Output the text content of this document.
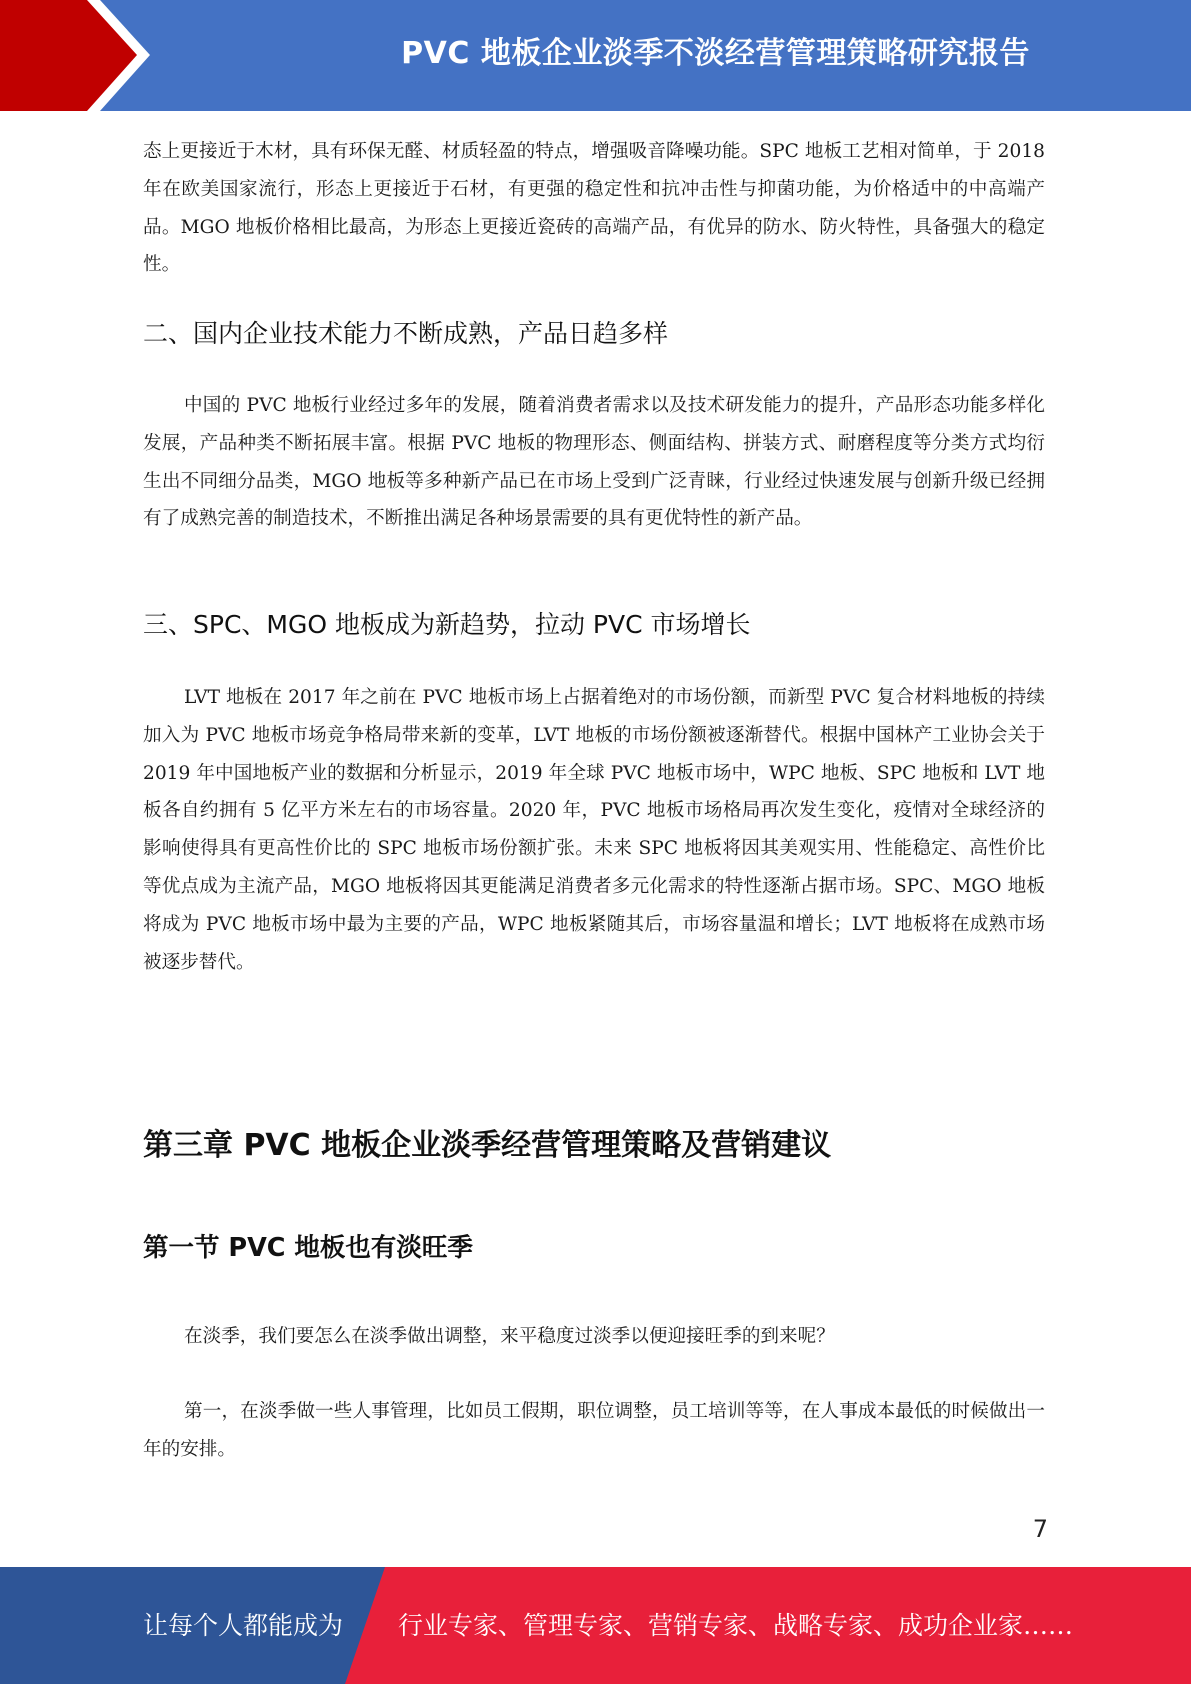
PVC 地板企业淡季不淡经营管理策略研究报告

态上更接近于木材，具有环保无醛、材质轻盈的特点，增强吸音降噪功能。SPC 地板工艺相对简单，于 2018 年在欧美国家流行，形态上更接近于石材，有更强的稳定性和抗冲击性与抑菌功能，为价格适中的中高端产品。MGO 地板价格相比最高，为形态上更接近瓷砖的高端产品，有优异的防水、防火特性，具备强大的稳定性。

二、国内企业技术能力不断成熟，产品日趋多样

中国的 PVC 地板行业经过多年的发展，随着消费者需求以及技术研发能力的提升，产品形态功能多样化发展，产品种类不断拓展丰富。根据 PVC 地板的物理形态、侧面结构、拼装方式、耐磨程度等分类方式均衍生出不同细分品类，MGO 地板等多种新产品已在市场上受到广泛青睐，行业经过快速发展与创新升级已经拥有了成熟完善的制造技术，不断推出满足各种场景需要的具有更优特性的新产品。

三、SPC、MGO 地板成为新趋势，拉动 PVC 市场增长

LVT 地板在 2017 年之前在 PVC 地板市场上占据着绝对的市场份额，而新型 PVC 复合材料地板的持续加入为 PVC 地板市场竞争格局带来新的变革，LVT 地板的市场份额被逐渐替代。根据中国林产工业协会关于 2019 年中国地板产业的数据和分析显示，2019 年全球 PVC 地板市场中，WPC 地板、SPC 地板和 LVT 地板各自约拥有 5 亿平方米左右的市场容量。2020 年，PVC 地板市场格局再次发生变化，疫情对全球经济的影响使得具有更高性价比的 SPC 地板市场份额扩张。未来 SPC 地板将因其美观实用、性能稳定、高性价比等优点成为主流产品，MGO 地板将因其更能满足消费者多元化需求的特性逐渐占据市场。SPC、MGO 地板将成为 PVC 地板市场中最为主要的产品，WPC 地板紧随其后，市场容量温和增长；LVT 地板将在成熟市场被逐步替代。

第三章 PVC 地板企业淡季经营管理策略及营销建议
第一节 PVC 地板也有淡旺季

在淡季，我们要怎么在淡季做出调整，来平稳度过淡季以便迎接旺季的到来呢？

第一，在淡季做一些人事管理，比如员工假期，职位调整，员工培训等等，在人事成本最低的时候做出一年的安排。

7
让每个人都能成为 行业专家、管理专家、营销专家、战略专家、成功企业家……
